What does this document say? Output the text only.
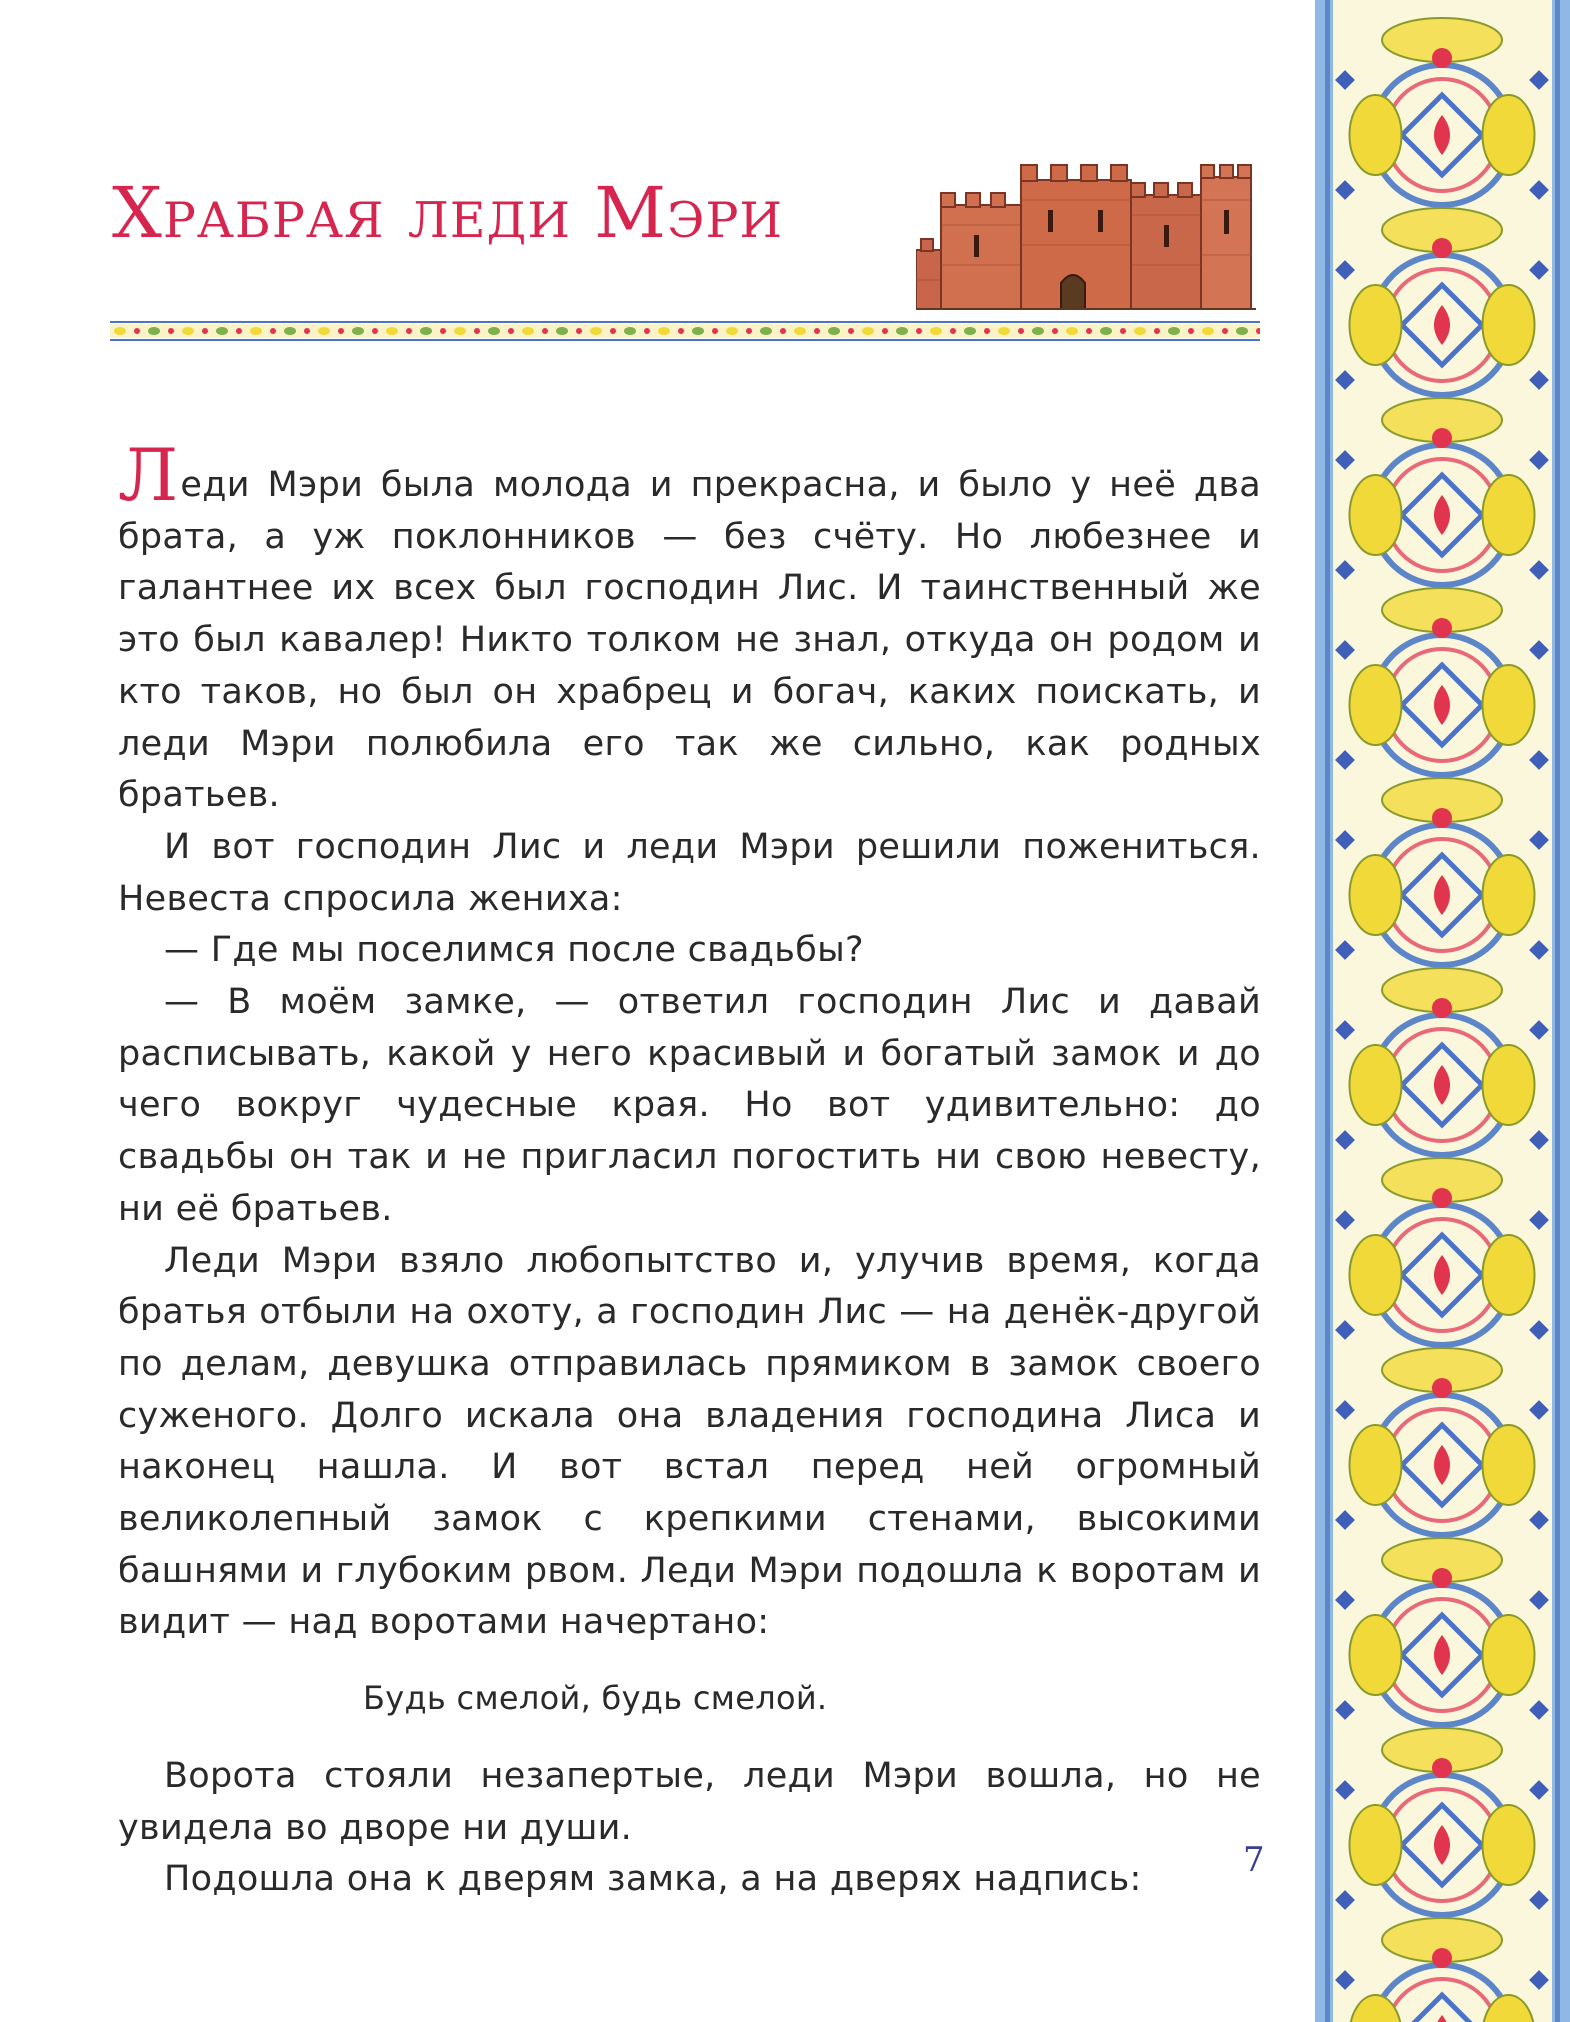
Храбрая леди Мэри

Леди Мэри была молода и прекрасна, и было у неё два брата, а уж поклонников — без счёту. Но любезнее и галантнее их всех был господин Лис. И таинственный же это был кавалер! Никто толком не знал, откуда он родом и кто таков, но был он храбрец и богач, каких поискать, и леди Мэри полюбила его так же сильно, как родных братьев.

И вот господин Лис и леди Мэри решили пожениться. Невеста спросила жениха:

— Где мы поселимся после свадьбы?

— В моём замке, — ответил господин Лис и давай расписывать, какой у него красивый и богатый замок и до чего вокруг чудесные края. Но вот удивительно: до свадьбы он так и не пригласил погостить ни свою невесту, ни её братьев.

Леди Мэри взяло любопытство и, улучив время, когда братья отбыли на охоту, а господин Лис — на денёк-другой по делам, девушка отправилась прямиком в замок своего суженого. Долго искала она владения господина Лиса и наконец нашла. И вот встал перед ней огромный великолепный замок с крепкими стенами, высокими башнями и глубоким рвом. Леди Мэри подошла к воротам и видит — над воротами начертано:

Будь смелой, будь смелой.

Ворота стояли незапертые, леди Мэри вошла, но не увидела во дворе ни души.

Подошла она к дверям замка, а на дверях надпись:	7
